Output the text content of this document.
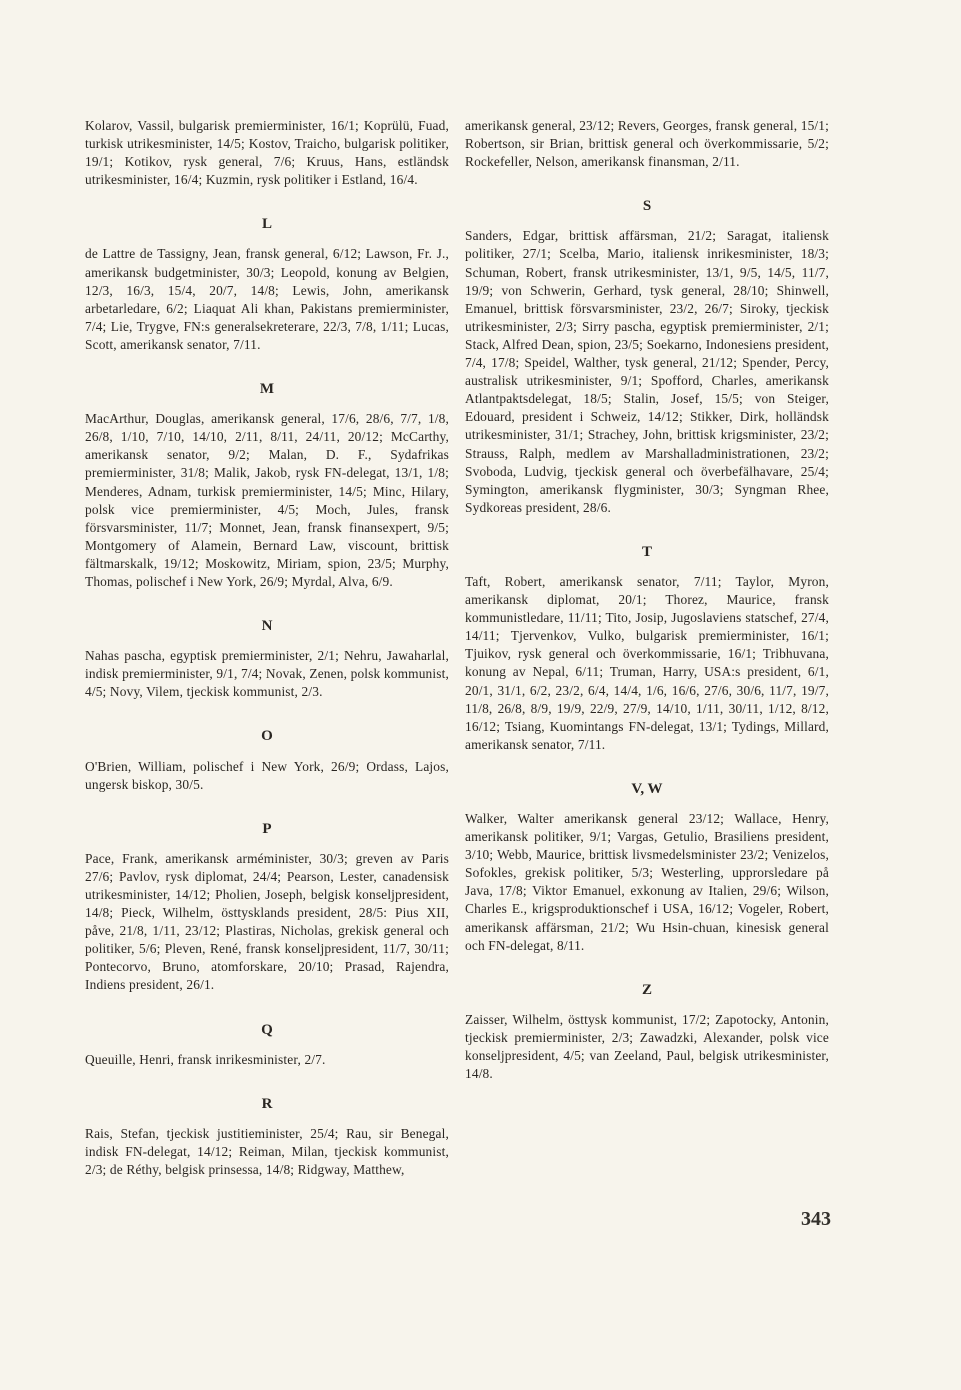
Kolarov, Vassil, bulgarisk premierminister, 16/1; Koprülü, Fuad, turkisk utrikesminister, 14/5; Kostov, Traicho, bulgarisk politiker, 19/1; Kotikov, rysk general, 7/6; Kruus, Hans, estländsk utrikesminister, 16/4; Kuzmin, rysk politiker i Estland, 16/4.
L
de Lattre de Tassigny, Jean, fransk general, 6/12; Lawson, Fr. J., amerikansk budgetminister, 30/3; Leopold, konung av Belgien, 12/3, 16/3, 15/4, 20/7, 14/8; Lewis, John, amerikansk arbetarledare, 6/2; Liaquat Ali khan, Pakistans premierminister, 7/4; Lie, Trygve, FN:s generalsekreterare, 22/3, 7/8, 1/11; Lucas, Scott, amerikansk senator, 7/11.
M
MacArthur, Douglas, amerikansk general, 17/6, 28/6, 7/7, 1/8, 26/8, 1/10, 7/10, 14/10, 2/11, 8/11, 24/11, 20/12; McCarthy, amerikansk senator, 9/2; Malan, D. F., Sydafrikas premierminister, 31/8; Malik, Jakob, rysk FN-delegat, 13/1, 1/8; Menderes, Adnam, turkisk premierminister, 14/5; Minc, Hilary, polsk vice premierminister, 4/5; Moch, Jules, fransk försvarsminister, 11/7; Monnet, Jean, fransk finansexpert, 9/5; Montgomery of Alamein, Bernard Law, viscount, brittisk fältmarskalk, 19/12; Moskowitz, Miriam, spion, 23/5; Murphy, Thomas, polischef i New York, 26/9; Myrdal, Alva, 6/9.
N
Nahas pascha, egyptisk premierminister, 2/1; Nehru, Jawaharlal, indisk premierminister, 9/1, 7/4; Novak, Zenen, polsk kommunist, 4/5; Novy, Vilem, tjeckisk kommunist, 2/3.
O
O'Brien, William, polischef i New York, 26/9; Ordass, Lajos, ungersk biskop, 30/5.
P
Pace, Frank, amerikansk arméminister, 30/3; greven av Paris 27/6; Pavlov, rysk diplomat, 24/4; Pearson, Lester, canadensisk utrikesminister, 14/12; Pholien, Joseph, belgisk konseljpresident, 14/8; Pieck, Wilhelm, östtysklands president, 28/5: Pius XII, påve, 21/8, 1/11, 23/12; Plastiras, Nicholas, grekisk general och politiker, 5/6; Pleven, René, fransk konseljpresident, 11/7, 30/11; Pontecorvo, Bruno, atomforskare, 20/10; Prasad, Rajendra, Indiens president, 26/1.
Q
Queuille, Henri, fransk inrikesminister, 2/7.
R
Rais, Stefan, tjeckisk justitieminister, 25/4; Rau, sir Benegal, indisk FN-delegat, 14/12; Reiman, Milan, tjeckisk kommunist, 2/3; de Réthy, belgisk prinsessa, 14/8; Ridgway, Matthew,
amerikansk general, 23/12; Revers, Georges, fransk general, 15/1; Robertson, sir Brian, brittisk general och överkommissarie, 5/2; Rockefeller, Nelson, amerikansk finansman, 2/11.
S
Sanders, Edgar, brittisk affärsman, 21/2; Saragat, italiensk politiker, 27/1; Scelba, Mario, italiensk inrikesminister, 18/3; Schuman, Robert, fransk utrikesminister, 13/1, 9/5, 14/5, 11/7, 19/9; von Schwerin, Gerhard, tysk general, 28/10; Shinwell, Emanuel, brittisk försvarsminister, 23/2, 26/7; Siroky, tjeckisk utrikesminister, 2/3; Sirry pascha, egyptisk premierminister, 2/1; Stack, Alfred Dean, spion, 23/5; Soekarno, Indonesiens president, 7/4, 17/8; Speidel, Walther, tysk general, 21/12; Spender, Percy, australisk utrikesminister, 9/1; Spofford, Charles, amerikansk Atlantpaktsdelegat, 18/5; Stalin, Josef, 15/5; von Steiger, Edouard, president i Schweiz, 14/12; Stikker, Dirk, holländsk utrikesminister, 31/1; Strachey, John, brittisk krigsminister, 23/2; Strauss, Ralph, medlem av Marshalladministrationen, 23/2; Svoboda, Ludvig, tjeckisk general och överbefälhavare, 25/4; Symington, amerikansk flygminister, 30/3; Syngman Rhee, Sydkoreas president, 28/6.
T
Taft, Robert, amerikansk senator, 7/11; Taylor, Myron, amerikansk diplomat, 20/1; Thorez, Maurice, fransk kommunistledare, 11/11; Tito, Josip, Jugoslaviens statschef, 27/4, 14/11; Tjervenkov, Vulko, bulgarisk premierminister, 16/1; Tjuikov, rysk general och överkommissarie, 16/1; Tribhuvana, konung av Nepal, 6/11; Truman, Harry, USA:s president, 6/1, 20/1, 31/1, 6/2, 23/2, 6/4, 14/4, 1/6, 16/6, 27/6, 30/6, 11/7, 19/7, 11/8, 26/8, 8/9, 19/9, 22/9, 27/9, 14/10, 1/11, 30/11, 1/12, 8/12, 16/12; Tsiang, Kuomintangs FN-delegat, 13/1; Tydings, Millard, amerikansk senator, 7/11.
V, W
Walker, Walter amerikansk general 23/12; Wallace, Henry, amerikansk politiker, 9/1; Vargas, Getulio, Brasiliens president, 3/10; Webb, Maurice, brittisk livsmedelsminister 23/2; Venizelos, Sofokles, grekisk politiker, 5/3; Westerling, upprorsledare på Java, 17/8; Viktor Emanuel, exkonung av Italien, 29/6; Wilson, Charles E., krigsproduktionschef i USA, 16/12; Vogeler, Robert, amerikansk affärsman, 21/2; Wu Hsin-chuan, kinesisk general och FN-delegat, 8/11.
Z
Zaisser, Wilhelm, östtysk kommunist, 17/2; Zapotocky, Antonin, tjeckisk premierminister, 2/3; Zawadzki, Alexander, polsk vice konseljpresident, 4/5; van Zeeland, Paul, belgisk utrikesminister, 14/8.
343
